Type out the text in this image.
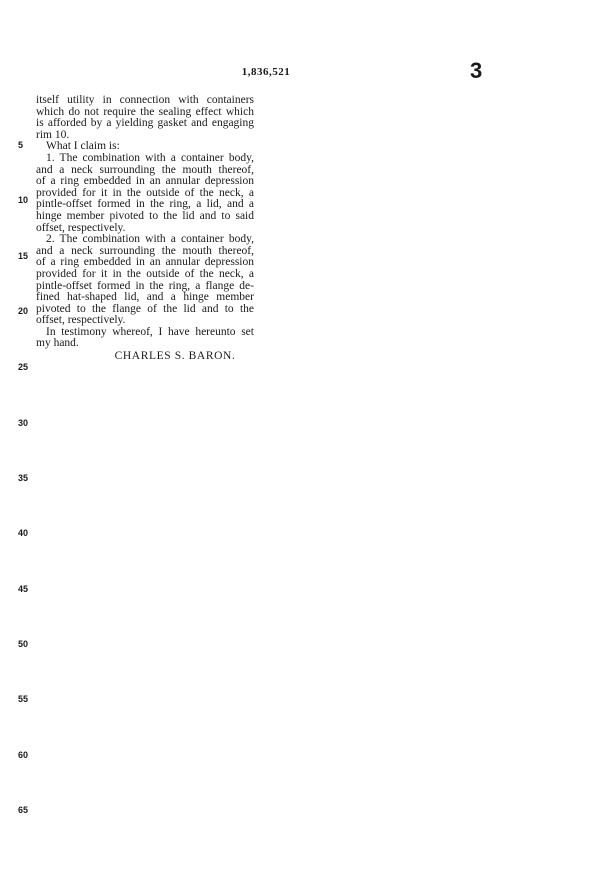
1,836,521	3
5
10
15
20
25
30
35
40
45
50
55
60
65
itself utility in connection with containers
which do not require the sealing effect which
is afforded by a yielding gasket and engaging
rim 10.
What I claim is:
1. The combination with a container body,
and a neck surrounding the mouth thereof,
of a ring embedded in an annular depression
provided for it in the outside of the neck, a
pintle-offset formed in the ring, a lid, and a
hinge member pivoted to the lid and to said
offset, respectively.
2. The combination with a container body,
and a neck surrounding the mouth thereof,
of a ring embedded in an annular depression
provided for it in the outside of the neck, a
pintle-offset formed in the ring, a flange de-
fined hat-shaped lid, and a hinge member
pivoted to the flange of the lid and to the
offset, respectively.
In testimony whereof, I have hereunto set
my hand.
CHARLES S. BARON.
